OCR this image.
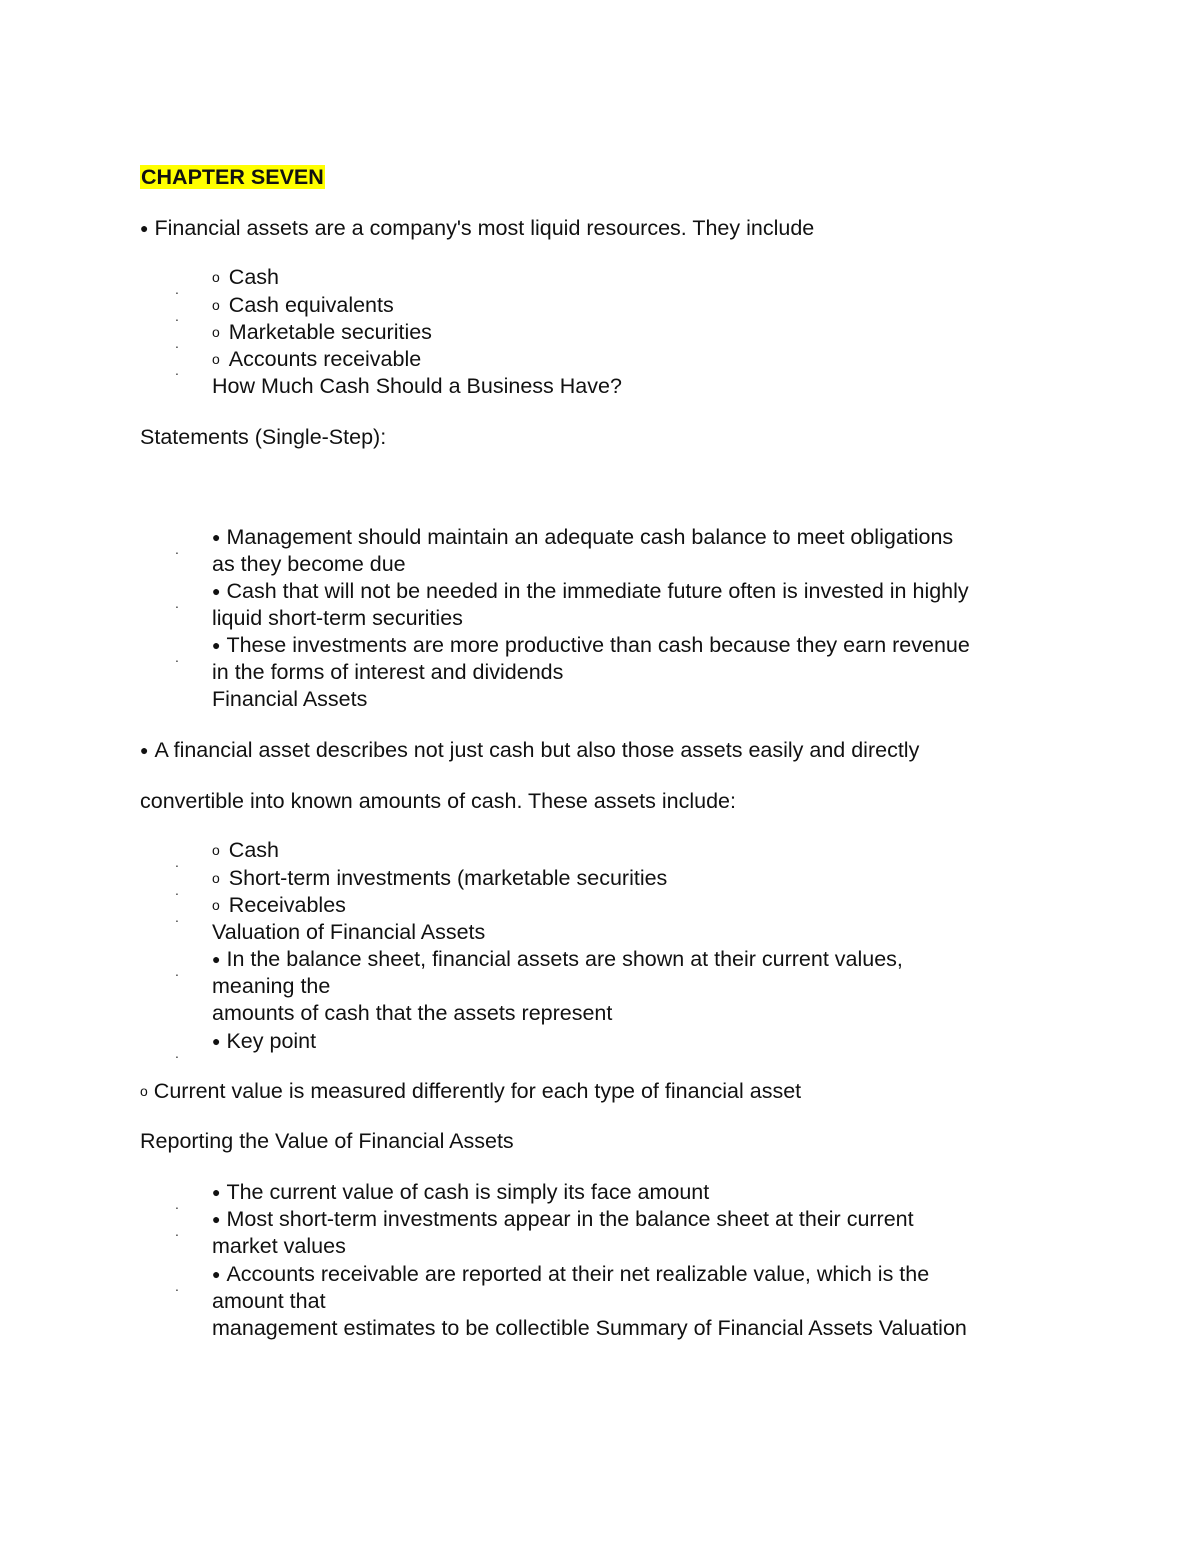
CHAPTER SEVEN
● Financial assets are a company's most liquid resources. They include
.
o Cash
.
o Cash equivalents
.
o Marketable securities
.
o Accounts receivable
How Much Cash Should a Business Have?
Statements (Single-Step):
.
● Management should maintain an adequate cash balance to meet obligations
as they become due
.
● Cash that will not be needed in the immediate future often is invested in highly
liquid short-term securities
.
● These investments are more productive than cash because they earn revenue
in the forms of interest and dividends
Financial Assets
● A financial asset describes not just cash but also those assets easily and directly
convertible into known amounts of cash. These assets include:
.
o Cash
.
o Short-term investments (marketable securities
.
o Receivables
Valuation of Financial Assets
.
● In the balance sheet, financial assets are shown at their current values,
meaning the
amounts of cash that the assets represent
.
● Key point
o Current value is measured differently for each type of financial asset
Reporting the Value of Financial Assets
.
● The current value of cash is simply its face amount
.
● Most short-term investments appear in the balance sheet at their current
market values
.
● Accounts receivable are reported at their net realizable value, which is the
amount that
management estimates to be collectible Summary of Financial Assets Valuation
